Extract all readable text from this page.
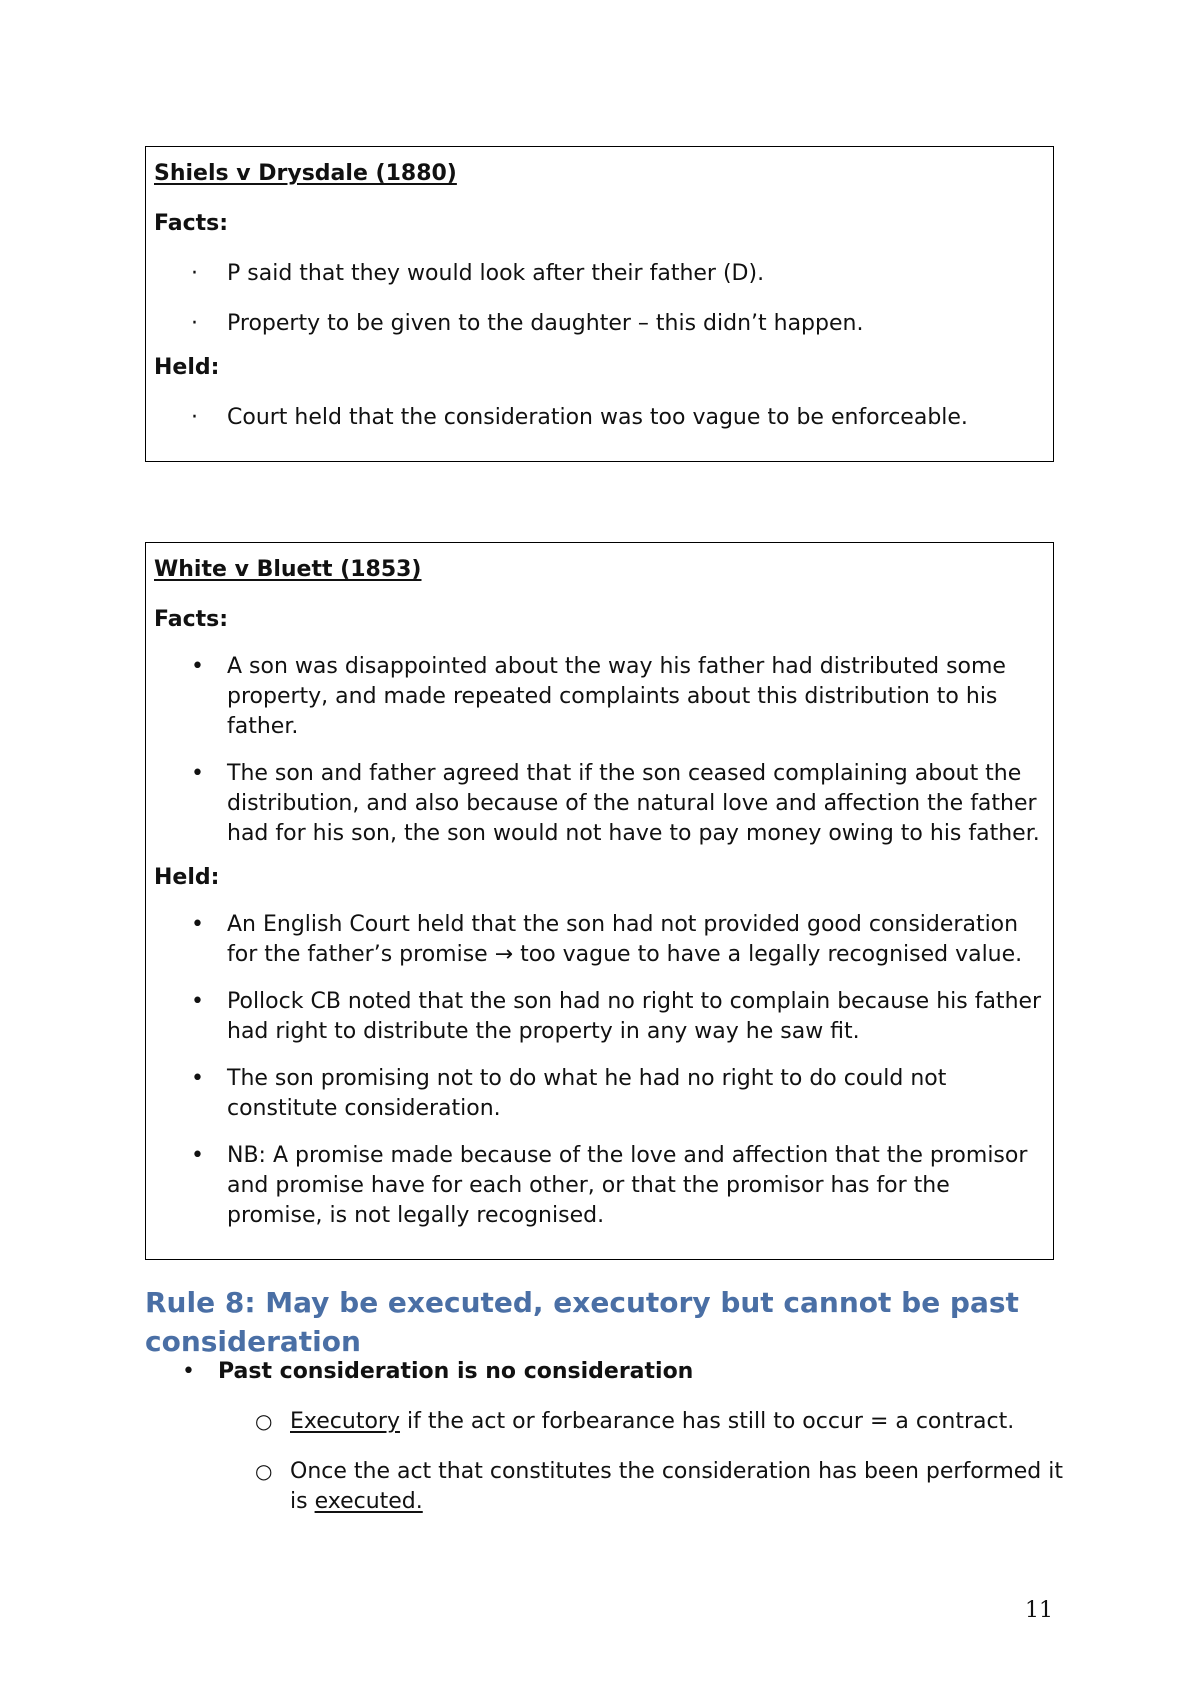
Shiels v Drysdale (1880)
Facts:
· P said that they would look after their father (D).
· Property to be given to the daughter – this didn’t happen.
Held:
· Court held that the consideration was too vague to be enforceable.
White v Bluett (1853)
Facts:
• A son was disappointed about the way his father had distributed some property, and made repeated complaints about this distribution to his father.
• The son and father agreed that if the son ceased complaining about the distribution, and also because of the natural love and affection the father had for his son, the son would not have to pay money owing to his father.
Held:
• An English Court held that the son had not provided good consideration for the father’s promise → too vague to have a legally recognised value.
• Pollock CB noted that the son had no right to complain because his father had right to distribute the property in any way he saw fit.
• The son promising not to do what he had no right to do could not constitute consideration.
• NB: A promise made because of the love and affection that the promisor and promise have for each other, or that the promisor has for the promise, is not legally recognised.
Rule 8: May be executed, executory but cannot be past consideration
• Past consideration is no consideration
○ Executory if the act or forbearance has still to occur = a contract.
○ Once the act that constitutes the consideration has been performed it is executed.
11
